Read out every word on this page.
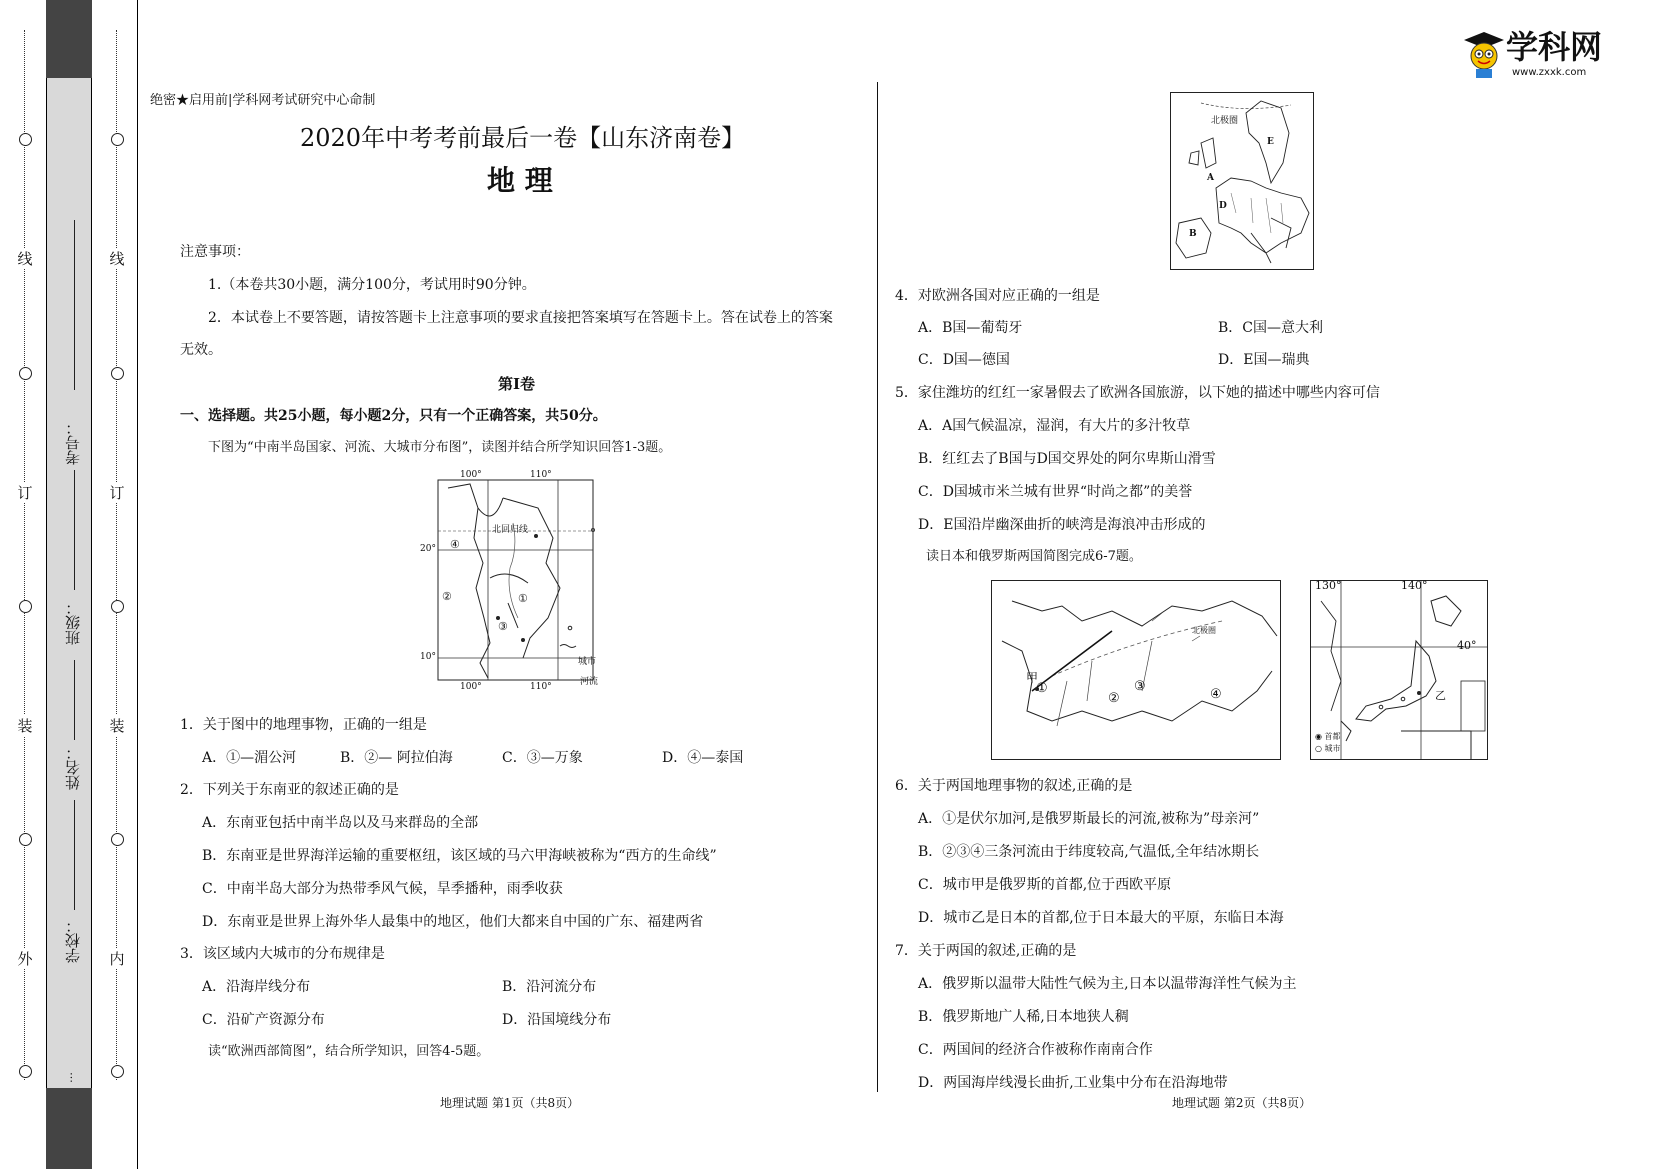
线
订
装
外
线
订
装
内
考号：
班级：
姓名：
学校：
…
学科网
www.zxxk.com
绝密★启用前|学科网考试研究中心命制
2020年中考考前最后一卷【山东济南卷】
地 理
注意事项：
1.（本卷共30小题，满分100分，考试用时90分钟。
2．本试卷上不要答题，请按答题卡上注意事项的要求直接把答案填写在答题卡上。答在试卷上的答案
无效。
第Ⅰ卷
一、选择题。共25小题，每小题2分，只有一个正确答案，共50分。
下图为“中南半岛国家、河流、大城市分布图”，读图并结合所学知识回答1-3题。
100°	110°
20°
10°
北回归线
④
②	①
③
100°	110°
城市
河流
1．关于图中的地理事物，正确的一组是
A．①—湄公河	B．②— 阿拉伯海	C．③—万象	D．④—泰国
2．下列关于东南亚的叙述正确的是
A．东南亚包括中南半岛以及马来群岛的全部
B．东南亚是世界海洋运输的重要枢纽，该区域的马六甲海峡被称为“西方的生命线”
C．中南半岛大部分为热带季风气候，旱季播种，雨季收获
D．东南亚是世界上海外华人最集中的地区，他们大都来自中国的广东、福建两省
3．该区域内大城市的分布规律是
A．沿海岸线分布	B．沿河流分布
C．沿矿产资源分布	D．沿国境线分布
读“欧洲西部简图”，结合所学知识，回答4-5题。
地理试题 第1页（共8页）
北极圈
E
A
D
B
4．对欧洲各国对应正确的一组是
A．B国—葡萄牙	B．C国—意大利
C．D国—德国	D．E国—瑞典
5．家住潍坊的红红一家暑假去了欧洲各国旅游，以下她的描述中哪些内容可信
A．A国气候温凉，湿润，有大片的多汁牧草
B．红红去了B国与D国交界处的阿尔卑斯山滑雪
C．D国城市米兰城有世界“时尚之都”的美誉
D．E国沿岸幽深曲折的峡湾是海浪冲击形成的
读日本和俄罗斯两国简图完成6-7题。
北极圈
甲
①
②
③
④
130°	140°
40°
乙
◉ 首都
○ 城市
6．关于两国地理事物的叙述,正确的是
A．①是伏尔加河,是俄罗斯最长的河流,被称为”母亲河”
B．②③④三条河流由于纬度较高,气温低,全年结冰期长
C．城市甲是俄罗斯的首都,位于西欧平原
D．城市乙是日本的首都,位于日本最大的平原，东临日本海
7．关于两国的叙述,正确的是
A．俄罗斯以温带大陆性气候为主,日本以温带海洋性气候为主
B．俄罗斯地广人稀,日本地狭人稠
C．两国间的经济合作被称作南南合作
D．两国海岸线漫长曲折,工业集中分布在沿海地带
地理试题 第2页（共8页）
